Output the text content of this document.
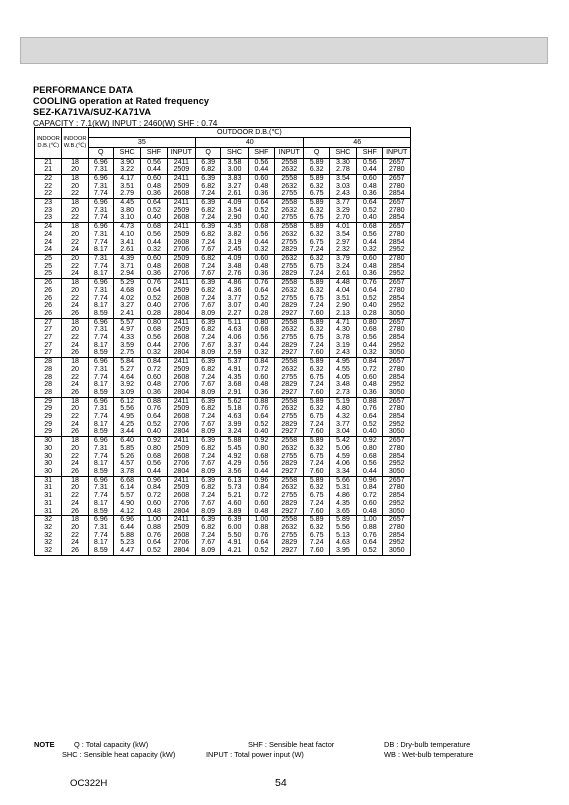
PERFORMANCE DATA
COOLING operation at Rated frequency
SEZ-KA71VA/SUZ-KA71VA
CAPACITY : 7.1(kW) INPUT : 2460(W) SHF : 0.74
INDOOR
D.B.(℃)	INDOOR
W.B.(℃)	OUTDOOR D.B.(℃)											
		35				40				46			
		Q	SHC	SHF	INPUT	Q	SHC	SHF	INPUT	Q	SHC	SHF	INPUT
21	18	6.96	3.90	0.56	2411	6.39	3.58	0.56	2558	5.89	3.30	0.56	2657
21	20	7.31	3.22	0.44	2509	6.82	3.00	0.44	2632	6.32	2.78	0.44	2780
22	18	6.96	4.17	0.60	2411	6.39	3.83	0.60	2558	5.89	3.54	0.60	2657
22	20	7.31	3.51	0.48	2509	6.82	3.27	0.48	2632	6.32	3.03	0.48	2780
22	22	7.74	2.79	0.36	2608	7.24	2.61	0.36	2755	6.75	2.43	0.36	2854
23	18	6.96	4.45	0.64	2411	6.39	4.09	0.64	2558	5.89	3.77	0.64	2657
23	20	7.31	3.80	0.52	2509	6.82	3.54	0.52	2632	6.32	3.29	0.52	2780
23	22	7.74	3.10	0.40	2608	7.24	2.90	0.40	2755	6.75	2.70	0.40	2854
24	18	6.96	4.73	0.68	2411	6.39	4.35	0.68	2558	5.89	4.01	0.68	2657
24	20	7.31	4.10	0.56	2509	6.82	3.82	0.56	2632	6.32	3.54	0.56	2780
24	22	7.74	3.41	0.44	2608	7.24	3.19	0.44	2755	6.75	2.97	0.44	2854
24	24	8.17	2.61	0.32	2706	7.67	2.45	0.32	2829	7.24	2.32	0.32	2952
25	20	7.31	4.39	0.60	2509	6.82	4.09	0.60	2632	6.32	3.79	0.60	2780
25	22	7.74	3.71	0.48	2608	7.24	3.48	0.48	2755	6.75	3.24	0.48	2854
25	24	8.17	2.94	0.36	2706	7.67	2.76	0.36	2829	7.24	2.61	0.36	2952
26	18	6.96	5.29	0.76	2411	6.39	4.86	0.76	2558	5.89	4.48	0.76	2657
26	20	7.31	4.68	0.64	2509	6.82	4.36	0.64	2632	6.32	4.04	0.64	2780
26	22	7.74	4.02	0.52	2608	7.24	3.77	0.52	2755	6.75	3.51	0.52	2854
26	24	8.17	3.27	0.40	2706	7.67	3.07	0.40	2829	7.24	2.90	0.40	2952
26	26	8.59	2.41	0.28	2804	8.09	2.27	0.28	2927	7.60	2.13	0.28	3050
27	18	6.96	5.57	0.80	2411	6.39	5.11	0.80	2558	5.89	4.71	0.80	2657
27	20	7.31	4.97	0.68	2509	6.82	4.63	0.68	2632	6.32	4.30	0.68	2780
27	22	7.74	4.33	0.56	2608	7.24	4.06	0.56	2755	6.75	3.78	0.56	2854
27	24	8.17	3.59	0.44	2706	7.67	3.37	0.44	2829	7.24	3.19	0.44	2952
27	26	8.59	2.75	0.32	2804	8.09	2.59	0.32	2927	7.60	2.43	0.32	3050
28	18	6.96	5.84	0.84	2411	6.39	5.37	0.84	2558	5.89	4.95	0.84	2657
28	20	7.31	5.27	0.72	2509	6.82	4.91	0.72	2632	6.32	4.55	0.72	2780
28	22	7.74	4.64	0.60	2608	7.24	4.35	0.60	2755	6.75	4.05	0.60	2854
28	24	8.17	3.92	0.48	2706	7.67	3.68	0.48	2829	7.24	3.48	0.48	2952
28	26	8.59	3.09	0.36	2804	8.09	2.91	0.36	2927	7.60	2.73	0.36	3050
29	18	6.96	6.12	0.88	2411	6.39	5.62	0.88	2558	5.89	5.19	0.88	2657
29	20	7.31	5.56	0.76	2509	6.82	5.18	0.76	2632	6.32	4.80	0.76	2780
29	22	7.74	4.95	0.64	2608	7.24	4.63	0.64	2755	6.75	4.32	0.64	2854
29	24	8.17	4.25	0.52	2706	7.67	3.99	0.52	2829	7.24	3.77	0.52	2952
29	26	8.59	3.44	0.40	2804	8.09	3.24	0.40	2927	7.60	3.04	0.40	3050
30	18	6.96	6.40	0.92	2411	6.39	5.88	0.92	2558	5.89	5.42	0.92	2657
30	20	7.31	5.85	0.80	2509	6.82	5.45	0.80	2632	6.32	5.06	0.80	2780
30	22	7.74	5.26	0.68	2608	7.24	4.92	0.68	2755	6.75	4.59	0.68	2854
30	24	8.17	4.57	0.56	2706	7.67	4.29	0.56	2829	7.24	4.06	0.56	2952
30	26	8.59	3.78	0.44	2804	8.09	3.56	0.44	2927	7.60	3.34	0.44	3050
31	18	6.96	6.68	0.96	2411	6.39	6.13	0.96	2558	5.89	5.66	0.96	2657
31	20	7.31	6.14	0.84	2509	6.82	5.73	0.84	2632	6.32	5.31	0.84	2780
31	22	7.74	5.57	0.72	2608	7.24	5.21	0.72	2755	6.75	4.86	0.72	2854
31	24	8.17	4.90	0.60	2706	7.67	4.60	0.60	2829	7.24	4.35	0.60	2952
31	26	8.59	4.12	0.48	2804	8.09	3.89	0.48	2927	7.60	3.65	0.48	3050
32	18	6.96	6.96	1.00	2411	6.39	6.39	1.00	2558	5.89	5.89	1.00	2657
32	20	7.31	6.44	0.88	2509	6.82	6.00	0.88	2632	6.32	5.56	0.88	2780
32	22	7.74	5.88	0.76	2608	7.24	5.50	0.76	2755	6.75	5.13	0.76	2854
32	24	8.17	5.23	0.64	2706	7.67	4.91	0.64	2829	7.24	4.63	0.64	2952
32	26	8.59	4.47	0.52	2804	8.09	4.21	0.52	2927	7.60	3.95	0.52	3050
NOTE	Q : Total capacity (kW)
SHC : Sensible heat capacity (kW)
SHF : Sensible heat factor
INPUT : Total power input (W)
DB : Dry-bulb temperature
WB : Wet-bulb temperature
OC322H	54
